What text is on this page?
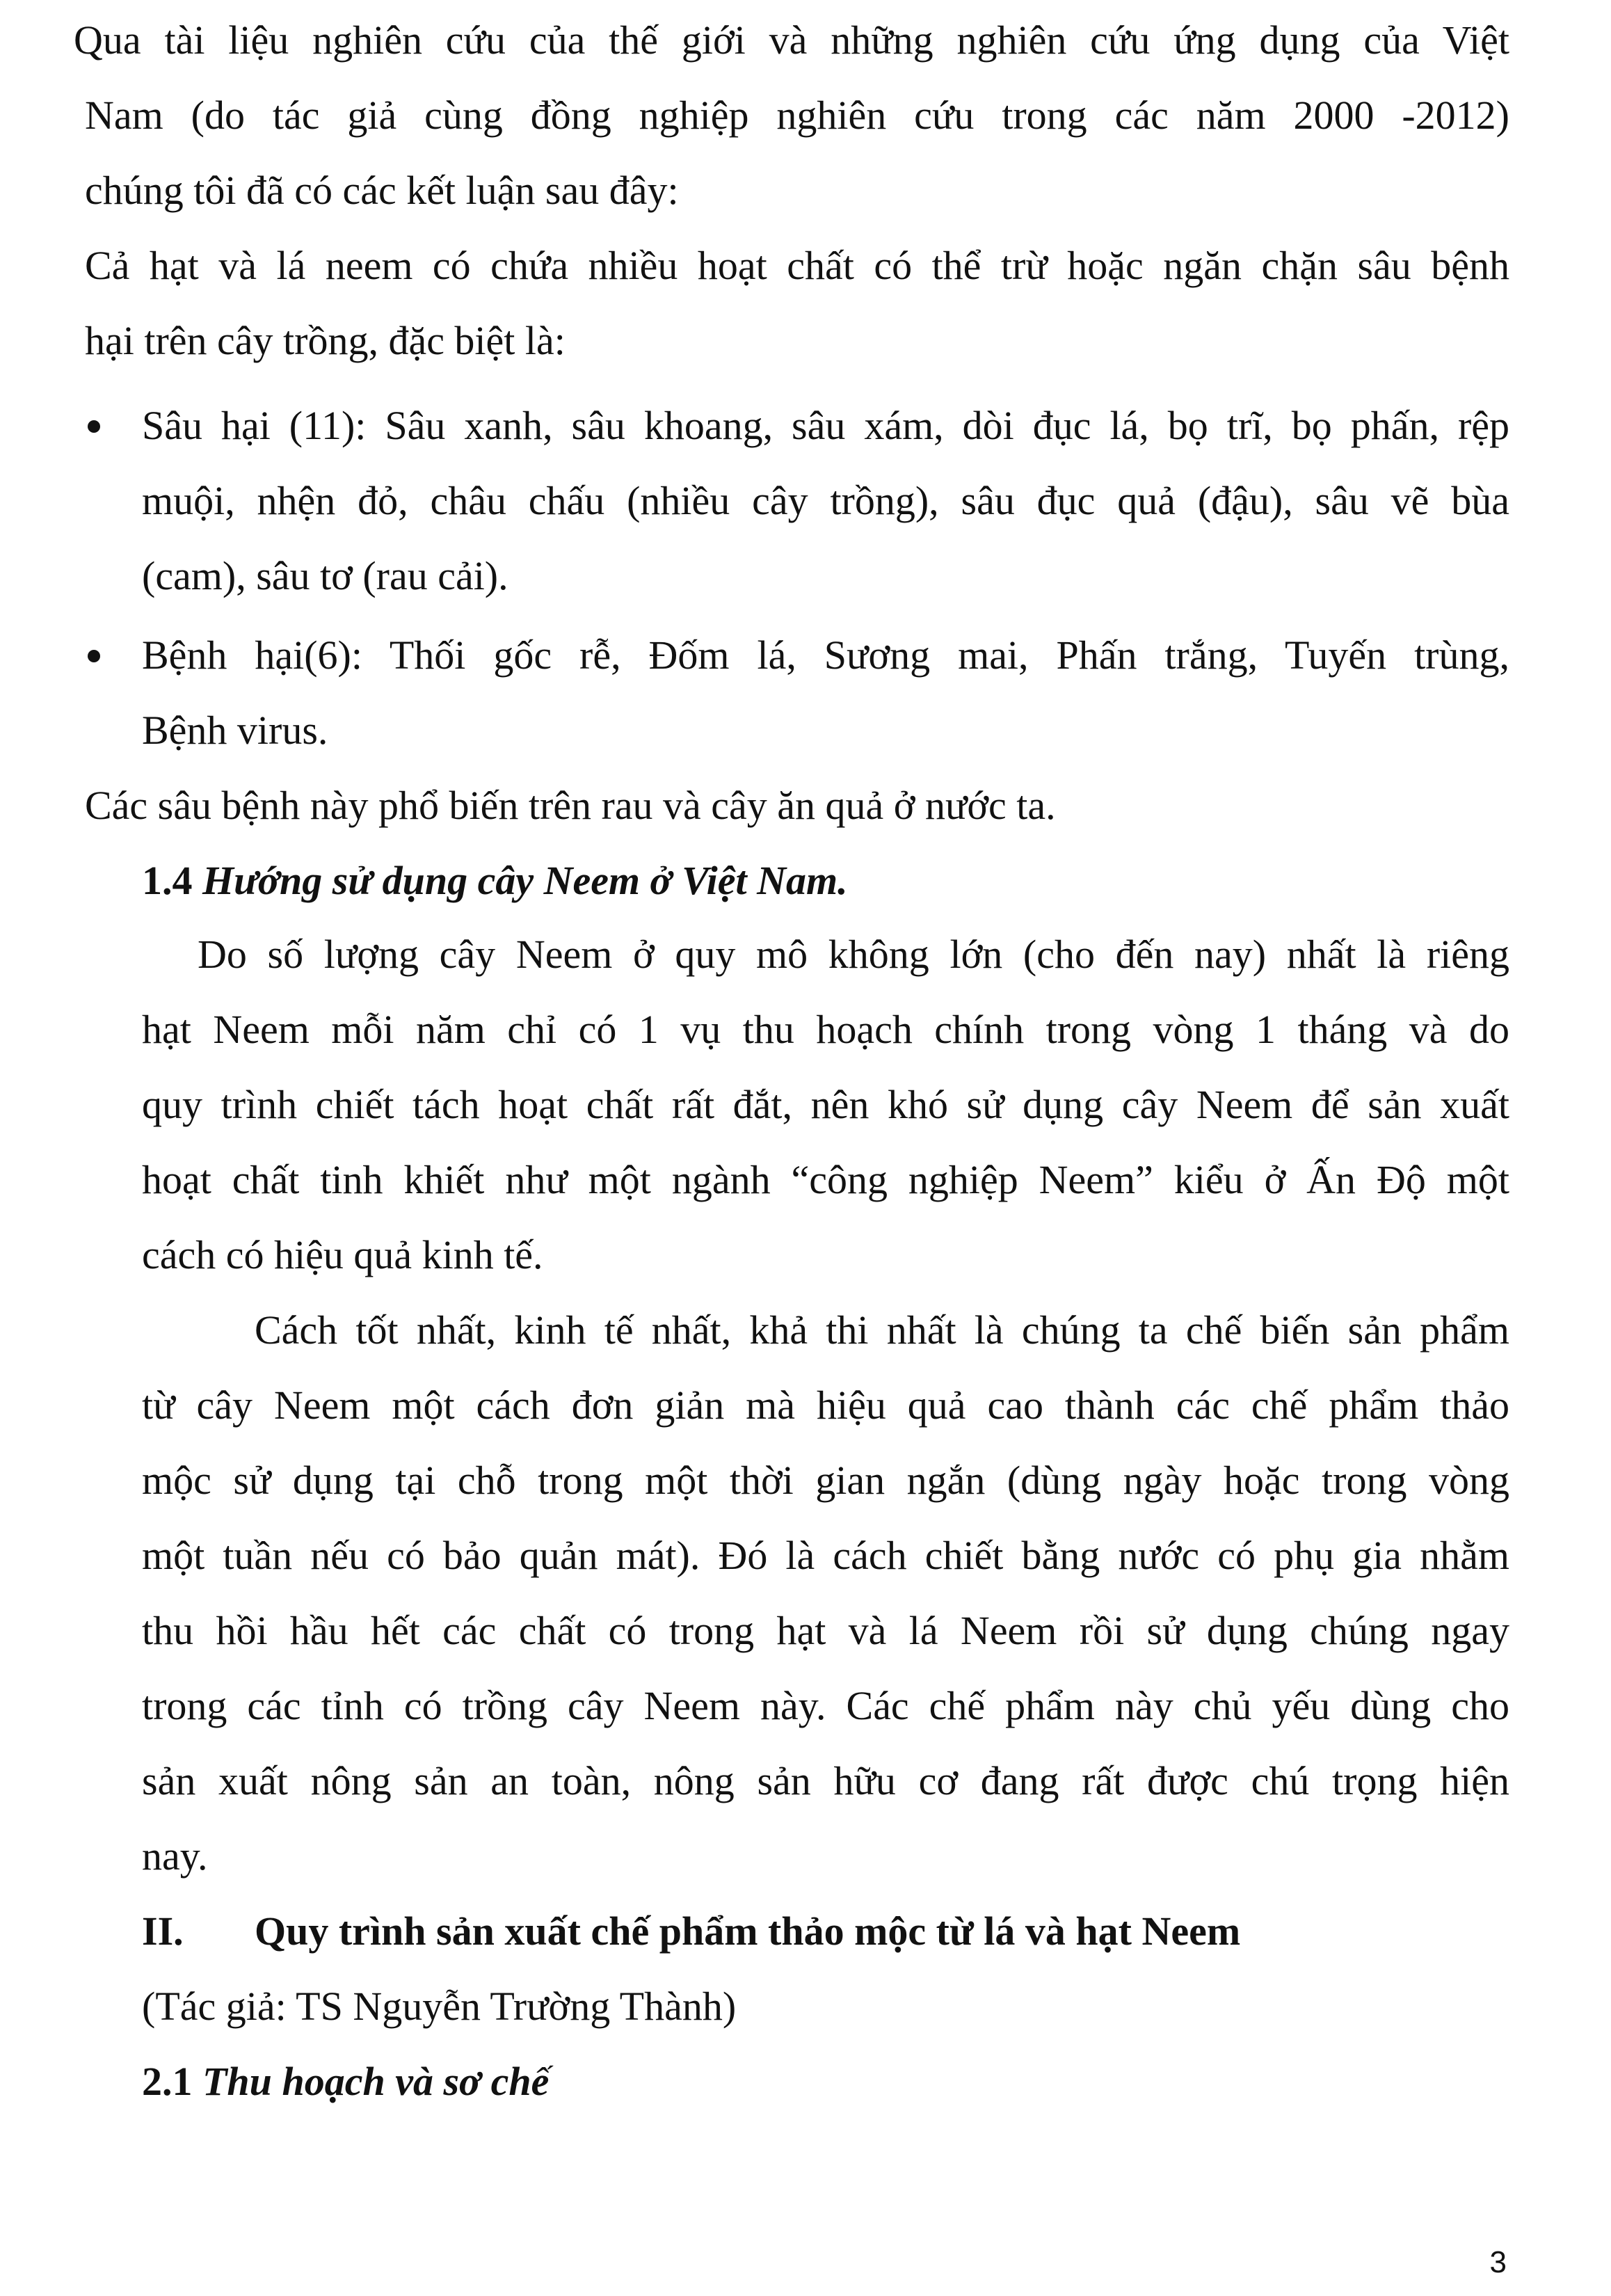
Qua tài liệu nghiên cứu của thế giới và những nghiên cứu ứng dụng của Việt
Nam (do tác giả cùng đồng nghiệp nghiên cứu trong các năm 2000 -2012)
chúng tôi đã có các kết luận sau đây:
Cả hạt và lá neem có chứa nhiều hoạt chất có thể trừ hoặc ngăn chặn sâu bệnh
hại trên cây trồng, đặc biệt là:
Sâu hại (11): Sâu xanh, sâu khoang, sâu xám, dòi đục lá, bọ trĩ, bọ phấn, rệp
muội, nhện đỏ, châu chấu (nhiều cây trồng), sâu đục quả (đậu), sâu vẽ bùa
(cam), sâu tơ (rau cải).
Bệnh hại(6): Thối gốc rễ, Đốm lá, Sương mai, Phấn trắng, Tuyến trùng,
Bệnh virus.
Các sâu bệnh này phổ biến trên rau và cây ăn quả ở nước ta.
1.4 Hướng sử dụng cây Neem ở Việt Nam.
Do số lượng cây Neem ở quy mô không lớn (cho đến nay) nhất là riêng
hạt Neem mỗi năm chỉ có 1 vụ thu hoạch chính trong vòng 1 tháng và do
quy trình chiết tách hoạt chất rất đắt, nên khó sử dụng cây Neem để sản xuất
hoạt chất tinh khiết như một ngành “công nghiệp Neem” kiểu ở Ấn Độ một
cách có hiệu quả kinh tế.
Cách tốt nhất, kinh tế nhất, khả thi nhất là chúng ta chế biến sản phẩm
từ cây Neem một cách đơn giản mà hiệu quả cao thành các chế phẩm thảo
mộc sử dụng tại chỗ trong một thời gian ngắn (dùng ngày hoặc trong vòng
một tuần nếu có bảo quản mát). Đó là cách chiết bằng nước có phụ gia nhằm
thu hồi hầu hết các chất có trong hạt và lá Neem rồi sử dụng chúng ngay
trong các tỉnh có trồng cây Neem này. Các chế phẩm này chủ yếu dùng cho
sản xuất nông sản an toàn, nông sản hữu cơ đang rất được chú trọng hiện
nay.
II. Quy trình sản xuất chế phẩm thảo mộc từ lá và hạt Neem
(Tác giả: TS Nguyễn Trường Thành)
2.1 Thu hoạch và sơ chế
3
